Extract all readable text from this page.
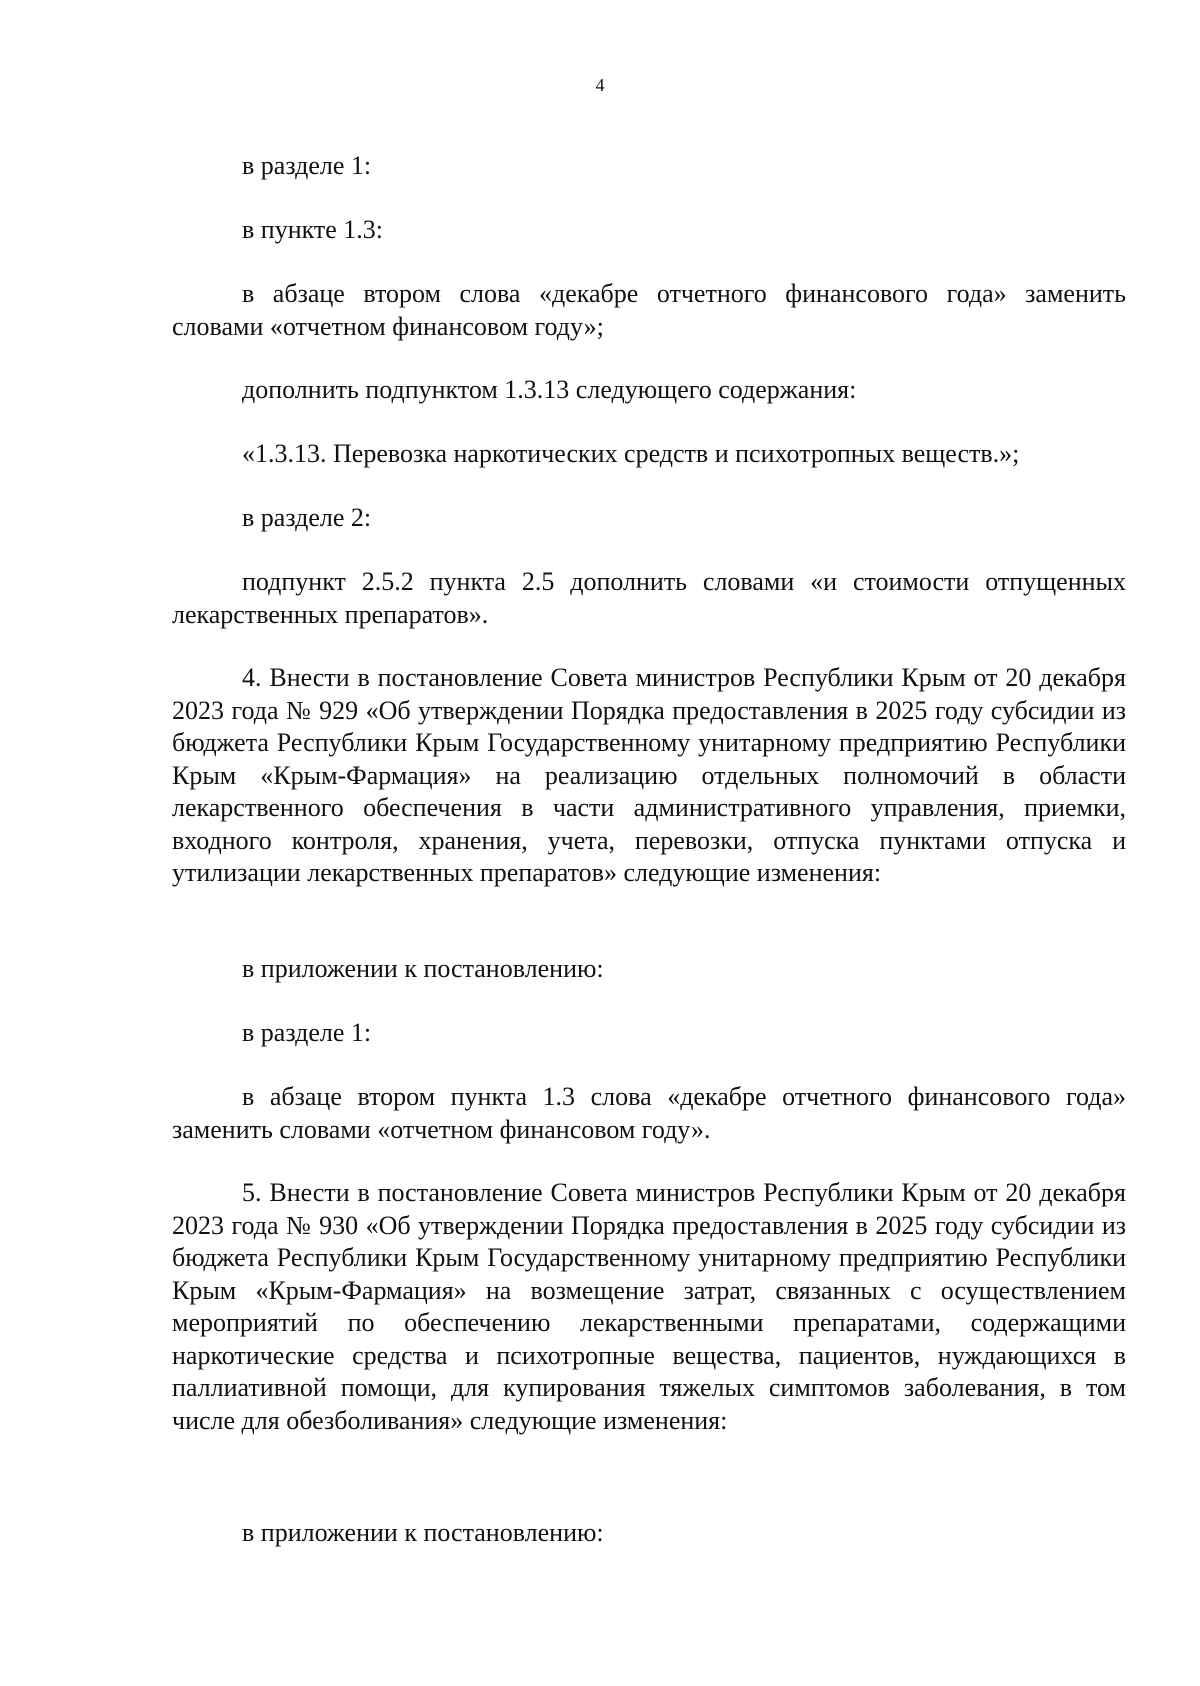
4

в разделе 1:

в пункте 1.3:

в абзаце втором слова «декабре отчетного финансового года» заменить словами «отчетном финансовом году»;

дополнить подпунктом 1.3.13 следующего содержания:

«1.3.13. Перевозка наркотических средств и психотропных веществ.»;

в разделе 2:

подпункт 2.5.2 пункта 2.5 дополнить словами «и стоимости отпущенных лекарственных препаратов».

4. Внести в постановление Совета министров Республики Крым от 20 декабря 2023 года № 929 «Об утверждении Порядка предоставления в 2025 году субсидии из бюджета Республики Крым Государственному унитарному предприятию Республики Крым «Крым-Фармация» на реализацию отдельных полномочий в области лекарственного обеспечения в части административного управления, приемки, входного контроля, хранения, учета, перевозки, отпуска пунктами отпуска и утилизации лекарственных препаратов» следующие изменения:

в приложении к постановлению:

в разделе 1:

в абзаце втором пункта 1.3 слова «декабре отчетного финансового года» заменить словами «отчетном финансовом году».

5. Внести в постановление Совета министров Республики Крым от 20 декабря 2023 года № 930 «Об утверждении Порядка предоставления в 2025 году субсидии из бюджета Республики Крым Государственному унитарному предприятию Республики Крым «Крым-Фармация» на возмещение затрат, связанных с осуществлением мероприятий по обеспечению лекарственными препаратами, содержащими наркотические средства и психотропные вещества, пациентов, нуждающихся в паллиативной помощи, для купирования тяжелых симптомов заболевания, в том числе для обезболивания» следующие изменения:

в приложении к постановлению:
